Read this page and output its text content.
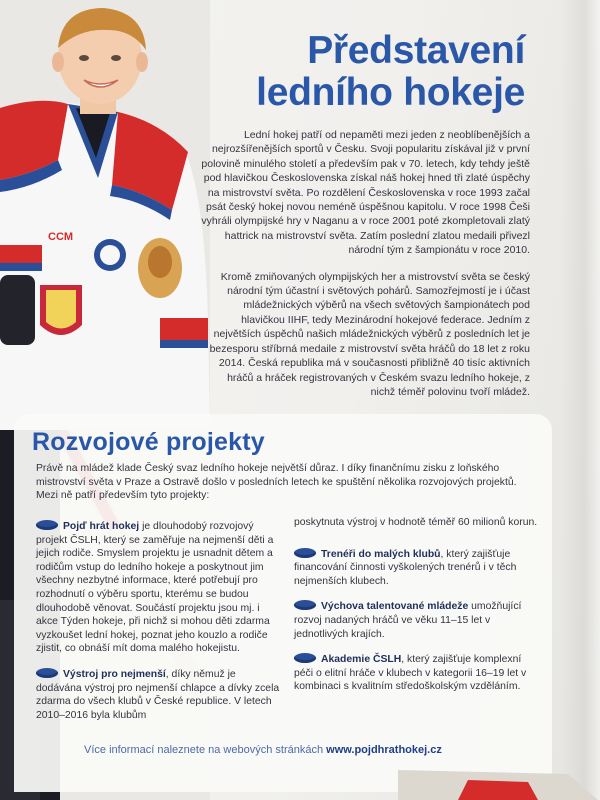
CCM
Představení
ledního hokeje

Lední hokej patří od nepaměti mezi jeden z neoblíbenějších a nejrozšířenějších sportů v Česku. Svoji popularitu získával již v první polovině minulého století a především pak v 70. letech, kdy tehdy ještě pod hlavičkou Československa získal náš hokej hned tři zlaté úspěchy na mistrovství světa. Po rozdělení Československa v roce 1993 začal psát český hokej novou neméně úspěšnou kapitolu. V roce 1998 Češi vyhráli olympijské hry v Naganu a v roce 2001 poté zkompletovali zlatý hattrick na mistrovství světa. Zatím poslední zlatou medaili přivezl národní tým z šampionátu v roce 2010.

Kromě zmiňovaných olympijských her a mistrovství světa se český národní tým účastní i světových pohárů. Samozřejmostí je i účast mládežnických výběrů na všech světových šampionátech pod hlavičkou IIHF, tedy Mezinárodní hokejové federace. Jedním z největších úspěchů našich mládežnických výběrů z posledních let je bezesporu stříbrná medaile z mistrovství světa hráčů do 18 let z roku 2014. Česká republika má v současnosti přibližně 40 tisíc aktivních hráčů a hráček registrovaných v Českém svazu ledního hokeje, z nichž téměř polovinu tvoří mládež.

Rozvojové projekty
Právě na mládež klade Český svaz ledního hokeje největší důraz. I díky finančnímu zisku z loňského mistrovství světa v Praze a Ostravě došlo v posledních letech ke spuštění několika rozvojových projektů. Mezi ně patří především tyto projekty:
Pojď hrát hokej je dlouhodobý rozvojový projekt ČSLH, který se zaměřuje na nejmenší děti a jejich rodiče. Smyslem projektu je usnadnit dětem a rodičům vstup do ledního hokeje a poskytnout jim všechny nezbytné informace, které potřebují pro rozhodnutí o výběru sportu, kterému se budou dlouhodobě věnovat. Součástí projektu jsou mj. i akce Týden hokeje, při nichž si mohou děti zdarma vyzkoušet lední hokej, poznat jeho kouzlo a rodiče zjistit, co obnáší mít doma malého hokejistu.
Výstroj pro nejmenší, díky němuž je dodávána výstroj pro nejmenší chlapce a dívky zcela zdarma do všech klubů v České republice. V letech 2010–2016 byla klubům
poskytnuta výstroj v hodnotě téměř 60 milionů korun.
Trenéři do malých klubů, který zajišťuje financování činnosti vyškolených trenérů i v těch nejmenších klubech.
Výchova talentované mládeže umožňující rozvoj nadaných hráčů ve věku 11–15 let v jednotlivých krajích.
Akademie ČSLH, který zajišťuje komplexní péči o elitní hráče v klubech v kategorii 16–19 let v kombinaci s kvalitním středoškolským vzděláním.
Více informací naleznete na webových stránkách www.pojdhrathokej.cz
